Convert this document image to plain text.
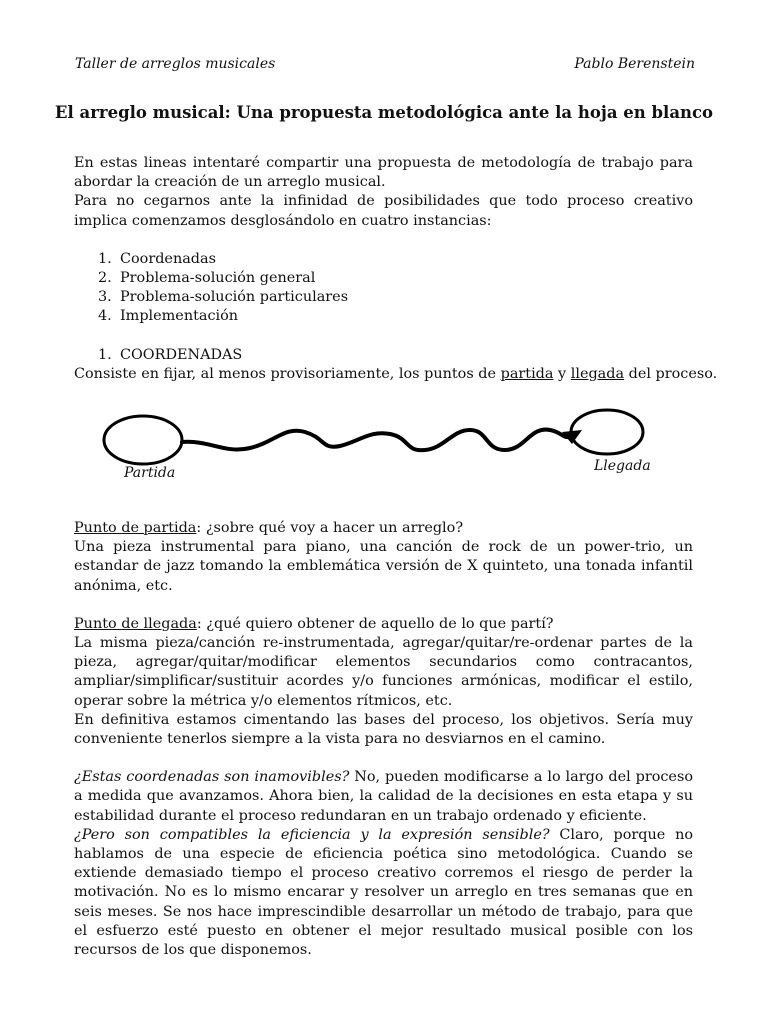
Taller de arreglos musicales	Pablo Berenstein
El arreglo musical: Una propuesta metodológica ante la hoja en blanco

En estas lineas intentaré compartir una propuesta de metodología de trabajo para abordar la creación de un arreglo musical.

Para no cegarnos ante la infinidad de posibilidades que todo proceso creativo implica comenzamos desglosándolo en cuatro instancias:

1. Coordenadas
2. Problema-solución general
3. Problema-solución particulares
4. Implementación
1. COORDENADAS

Consiste en fijar, al menos provisoriamente, los puntos de partida y llegada del proceso.

Partida	Llegada

Punto de partida: ¿sobre qué voy a hacer un arreglo?

Una pieza instrumental para piano, una canción de rock de un power-trio, un estandar de jazz tomando la emblemática versión de X quinteto, una tonada infantil anónima, etc.

Punto de llegada: ¿qué quiero obtener de aquello de lo que partí?

La misma pieza/canción re-instrumentada, agregar/quitar/re-ordenar partes de la pieza, agregar/quitar/modificar elementos secundarios como contracantos, ampliar/simplificar/sustituir acordes y/o funciones armónicas, modificar el estilo, operar sobre la métrica y/o elementos rítmicos, etc.

En definitiva estamos cimentando las bases del proceso, los objetivos. Sería muy conveniente tenerlos siempre a la vista para no desviarnos en el camino.

¿Estas coordenadas son inamovibles? No, pueden modificarse a lo largo del proceso a medida que avanzamos. Ahora bien, la calidad de la decisiones en esta etapa y su estabilidad durante el proceso redundaran en un trabajo ordenado y eficiente.

¿Pero son compatibles la eficiencia y la expresión sensible? Claro, porque no hablamos de una especie de eficiencia poética sino metodológica. Cuando se extiende demasiado tiempo el proceso creativo corremos el riesgo de perder la motivación. No es lo mismo encarar y resolver un arreglo en tres semanas que en seis meses. Se nos hace imprescindible desarrollar un método de trabajo, para que el esfuerzo esté puesto en obtener el mejor resultado musical posible con los recursos de los que disponemos.
